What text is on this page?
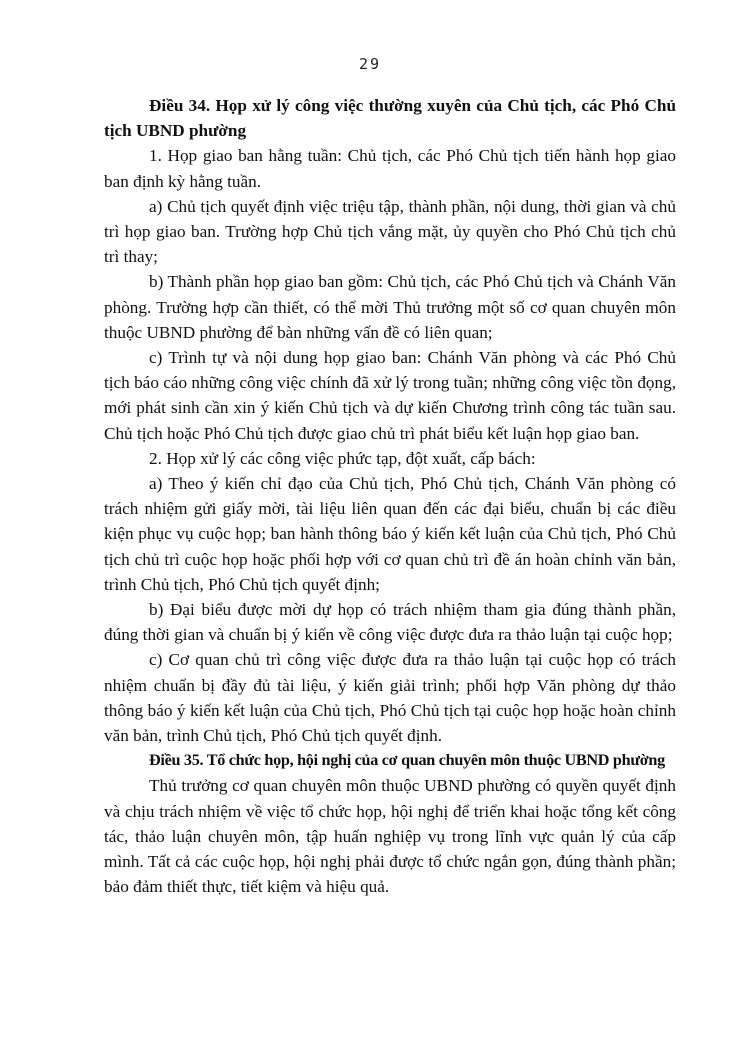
29

Điều 34. Họp xử lý công việc thường xuyên của Chủ tịch, các Phó Chủ tịch UBND phường

1. Họp giao ban hằng tuần: Chủ tịch, các Phó Chủ tịch tiến hành họp giao ban định kỳ hằng tuần.

a) Chủ tịch quyết định việc triệu tập, thành phần, nội dung, thời gian và chủ trì họp giao ban. Trường hợp Chủ tịch vắng mặt, ủy quyền cho Phó Chủ tịch chủ trì thay;

b) Thành phần họp giao ban gồm: Chủ tịch, các Phó Chủ tịch và Chánh Văn phòng. Trường hợp cần thiết, có thể mời Thủ trưởng một số cơ quan chuyên môn thuộc UBND phường để bàn những vấn đề có liên quan;

c) Trình tự và nội dung họp giao ban: Chánh Văn phòng và các Phó Chủ tịch báo cáo những công việc chính đã xử lý trong tuần; những công việc tồn đọng, mới phát sinh cần xin ý kiến Chủ tịch và dự kiến Chương trình công tác tuần sau. Chủ tịch hoặc Phó Chủ tịch được giao chủ trì phát biểu kết luận họp giao ban.

2. Họp xử lý các công việc phức tạp, đột xuất, cấp bách:

a) Theo ý kiến chỉ đạo của Chủ tịch, Phó Chủ tịch, Chánh Văn phòng có trách nhiệm gửi giấy mời, tài liệu liên quan đến các đại biểu, chuẩn bị các điều kiện phục vụ cuộc họp; ban hành thông báo ý kiến kết luận của Chủ tịch, Phó Chủ tịch chủ trì cuộc họp hoặc phối hợp với cơ quan chủ trì đề án hoàn chỉnh văn bản, trình Chủ tịch, Phó Chủ tịch quyết định;

b) Đại biểu được mời dự họp có trách nhiệm tham gia đúng thành phần, đúng thời gian và chuẩn bị ý kiến về công việc được đưa ra thảo luận tại cuộc họp;

c) Cơ quan chủ trì công việc được đưa ra thảo luận tại cuộc họp có trách nhiệm chuẩn bị đầy đủ tài liệu, ý kiến giải trình; phối hợp Văn phòng dự thảo thông báo ý kiến kết luận của Chủ tịch, Phó Chủ tịch tại cuộc họp hoặc hoàn chỉnh văn bản, trình Chủ tịch, Phó Chủ tịch quyết định.

Điều 35. Tổ chức họp, hội nghị của cơ quan chuyên môn thuộc UBND phường

Thủ trưởng cơ quan chuyên môn thuộc UBND phường có quyền quyết định và chịu trách nhiệm về việc tổ chức họp, hội nghị để triển khai hoặc tổng kết công tác, thảo luận chuyên môn, tập huấn nghiệp vụ trong lĩnh vực quản lý của cấp mình. Tất cả các cuộc họp, hội nghị phải được tổ chức ngắn gọn, đúng thành phần; bảo đảm thiết thực, tiết kiệm và hiệu quả.
